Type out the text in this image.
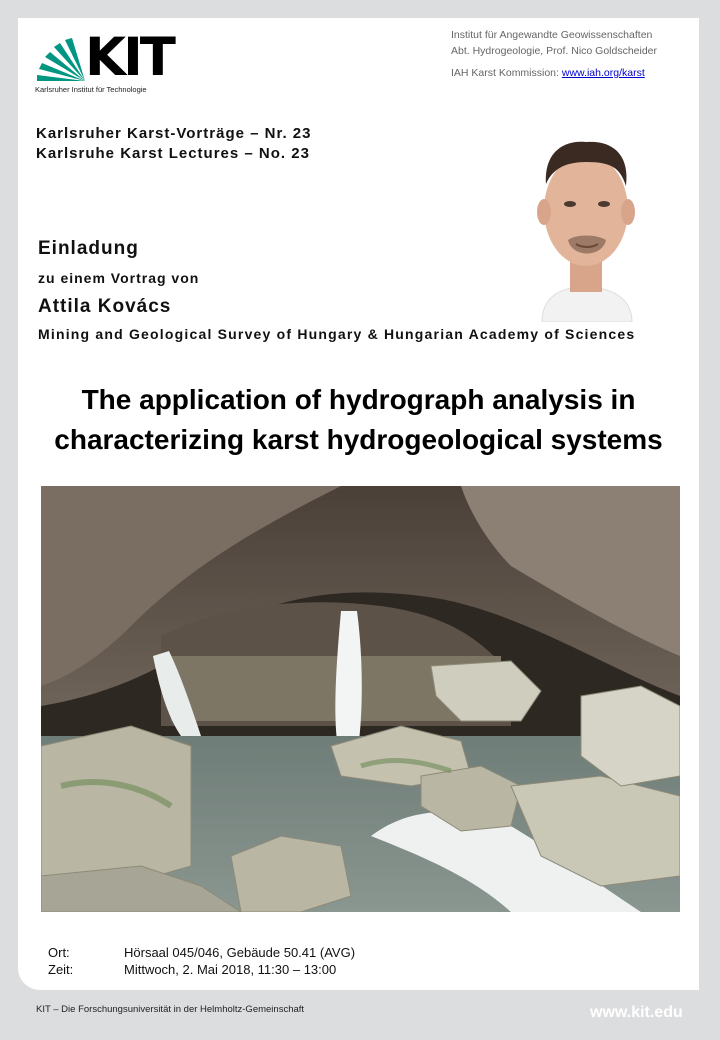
KIT
Karlsruher Institut für Technologie
Institut für Angewandte Geowissenschaften
Abt. Hydrogeologie, Prof. Nico Goldscheider
IAH Karst Kommission: www.iah.org/karst
Karlsruher Karst-Vorträge – Nr. 23
Karlsruhe Karst Lectures – No. 23
Einladung
zu einem Vortrag von
Attila Kovács
Mining and Geological Survey of Hungary & Hungarian Academy of Sciences
The application of hydrograph analysis in
characterizing karst hydrogeological systems
Ort:	Hörsaal 045/046, Gebäude 50.41 (AVG)
Zeit:	Mittwoch, 2. Mai 2018, 11:30 – 13:00
KIT – Die Forschungsuniversität in der Helmholtz-Gemeinschaft	www.kit.edu
